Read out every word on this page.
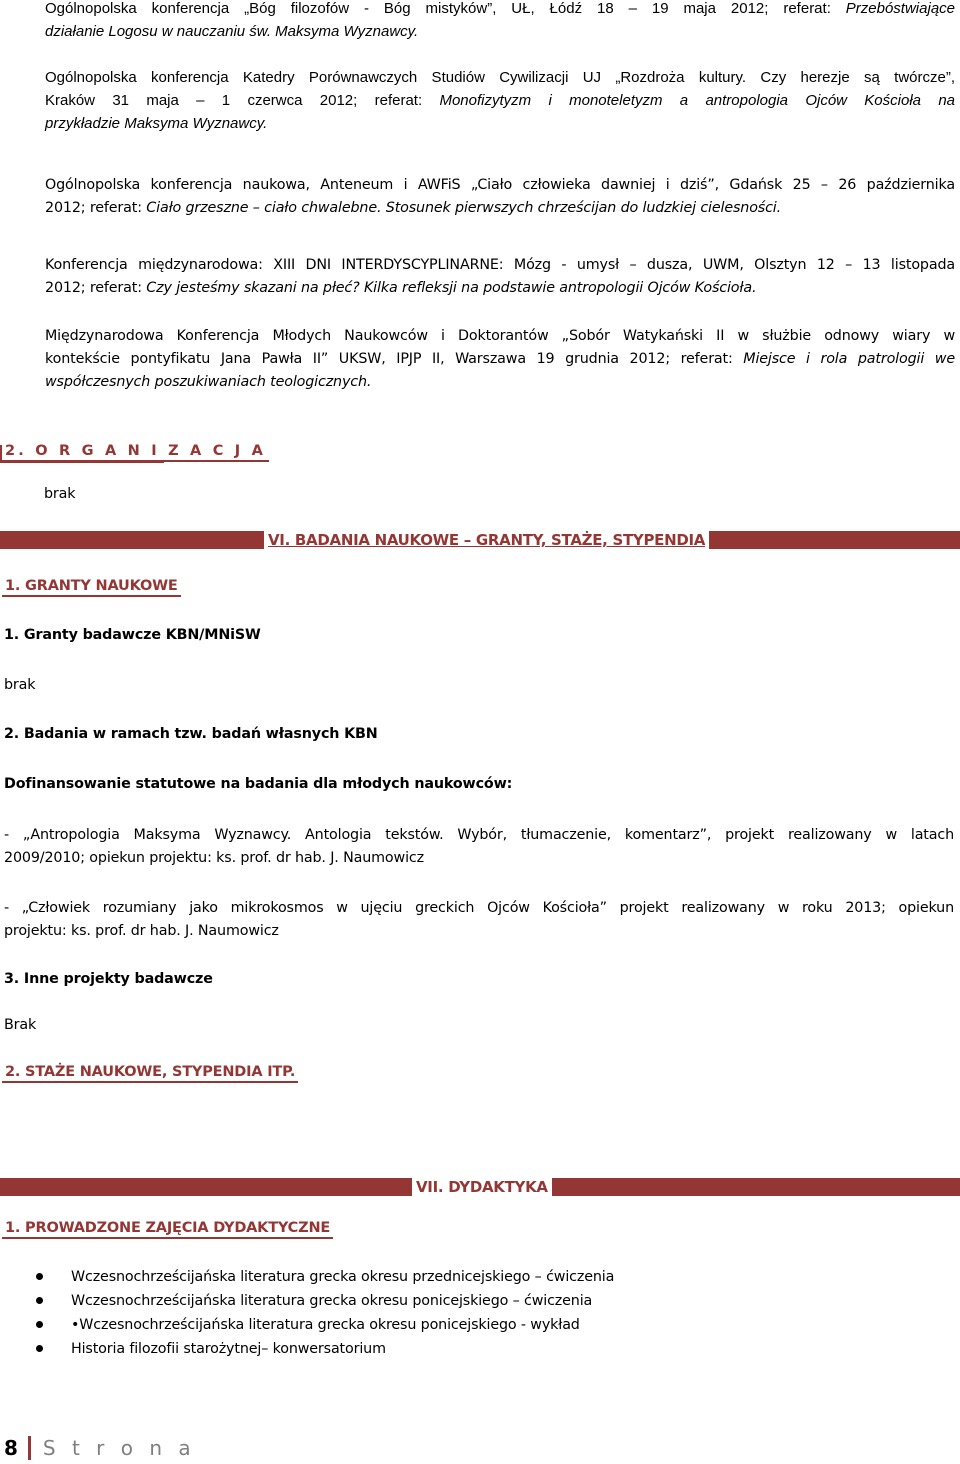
Ogólnopolska konferencja „Bóg filozofów - Bóg mistyków”, UŁ, Łódź 18 – 19 maja 2012; referat: Przebóstwiające
działanie Logosu w nauczaniu św. Maksyma Wyznawcy.
Ogólnopolska konferencja Katedry Porównawczych Studiów Cywilizacji UJ „Rozdroża kultury. Czy herezje są twórcze”,
Kraków 31 maja – 1 czerwca 2012; referat: Monofizytyzm i monoteletyzm a antropologia Ojców Kościoła na
przykładzie Maksyma Wyznawcy.
Ogólnopolska konferencja naukowa, Anteneum i AWFiS „Ciało człowieka dawniej i dziś”, Gdańsk 25 – 26 października
2012; referat: Ciało grzeszne – ciało chwalebne. Stosunek pierwszych chrześcijan do ludzkiej cielesności.
Konferencja międzynarodowa: XIII DNI INTERDYSCYPLINARNE: Mózg - umysł – dusza, UWM, Olsztyn 12 – 13 listopada
2012; referat: Czy jesteśmy skazani na płeć? Kilka refleksji na podstawie antropologii Ojców Kościoła.
Międzynarodowa Konferencja Młodych Naukowców i Doktorantów „Sobór Watykański II w służbie odnowy wiary w
kontekście pontyfikatu Jana Pawła II” UKSW, IPJP II, Warszawa 19 grudnia 2012; referat: Miejsce i rola patrologii we
współczesnych poszukiwaniach teologicznych.
2. O R G A N I Z A C J A
brak
VI. BADANIA NAUKOWE – GRANTY, STAŻE, STYPENDIA
1. GRANTY NAUKOWE
1. Granty badawcze KBN/MNiSW
brak
2. Badania w ramach tzw. badań własnych KBN
Dofinansowanie statutowe na badania dla młodych naukowców:
- „Antropologia Maksyma Wyznawcy. Antologia tekstów. Wybór, tłumaczenie, komentarz”, projekt realizowany w latach
2009/2010; opiekun projektu: ks. prof. dr hab. J. Naumowicz
- „Człowiek rozumiany jako mikrokosmos w ujęciu greckich Ojców Kościoła” projekt realizowany w roku 2013; opiekun
projektu: ks. prof. dr hab. J. Naumowicz
3. Inne projekty badawcze
Brak
2. STAŻE NAUKOWE, STYPENDIA ITP.
VII. DYDAKTYKA
1. PROWADZONE ZAJĘCIA DYDAKTYCZNE
Wczesnochrześcijańska literatura grecka okresu przednicejskiego – ćwiczenia
Wczesnochrześcijańska literatura grecka okresu ponicejskiego – ćwiczenia
•Wczesnochrześcijańska literatura grecka okresu ponicejskiego - wykład
Historia filozofii starożytnej– konwersatorium
8 S t r o n a
